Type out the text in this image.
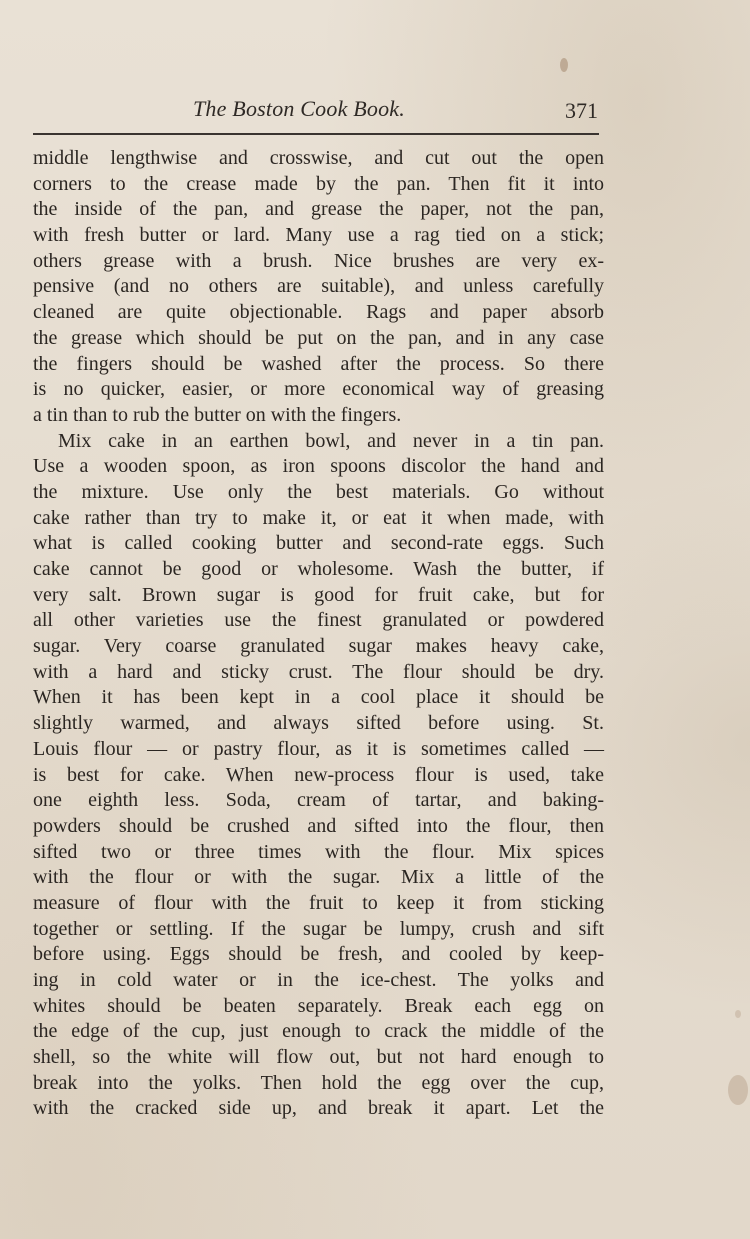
The Boston Cook Book.	371
middle lengthwise and crosswise, and cut out the open
corners to the crease made by the pan. Then fit it into
the inside of the pan, and grease the paper, not the pan,
with fresh butter or lard. Many use a rag tied on a stick;
others grease with a brush. Nice brushes are very ex-
pensive (and no others are suitable), and unless carefully
cleaned are quite objectionable. Rags and paper absorb
the grease which should be put on the pan, and in any case
the fingers should be washed after the process. So there
is no quicker, easier, or more economical way of greasing
a tin than to rub the butter on with the fingers.
Mix cake in an earthen bowl, and never in a tin pan.
Use a wooden spoon, as iron spoons discolor the hand and
the mixture. Use only the best materials. Go without
cake rather than try to make it, or eat it when made, with
what is called cooking butter and second-rate eggs. Such
cake cannot be good or wholesome. Wash the butter, if
very salt. Brown sugar is good for fruit cake, but for
all other varieties use the finest granulated or powdered
sugar. Very coarse granulated sugar makes heavy cake,
with a hard and sticky crust. The flour should be dry.
When it has been kept in a cool place it should be
slightly warmed, and always sifted before using. St.
Louis flour — or pastry flour, as it is sometimes called —
is best for cake. When new-process flour is used, take
one eighth less. Soda, cream of tartar, and baking-
powders should be crushed and sifted into the flour, then
sifted two or three times with the flour. Mix spices
with the flour or with the sugar. Mix a little of the
measure of flour with the fruit to keep it from sticking
together or settling. If the sugar be lumpy, crush and sift
before using. Eggs should be fresh, and cooled by keep-
ing in cold water or in the ice-chest. The yolks and
whites should be beaten separately. Break each egg on
the edge of the cup, just enough to crack the middle of the
shell, so the white will flow out, but not hard enough to
break into the yolks. Then hold the egg over the cup,
with the cracked side up, and break it apart. Let the
